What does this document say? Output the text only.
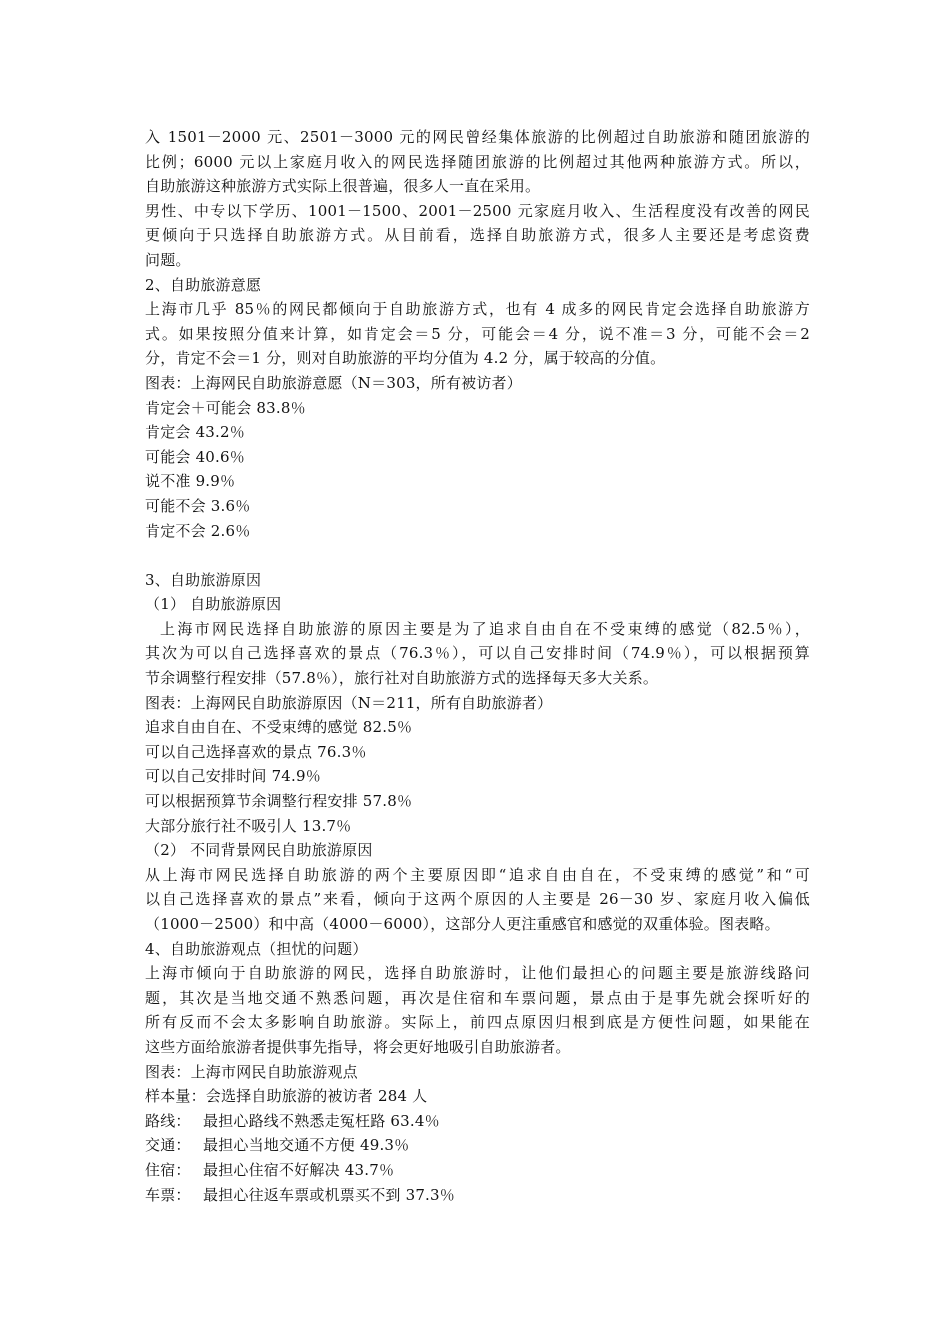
入 1501－2000 元、2501－3000 元的网民曾经集体旅游的比例超过自助旅游和随团旅游的
比例；6000 元以上家庭月收入的网民选择随团旅游的比例超过其他两种旅游方式。所以，
自助旅游这种旅游方式实际上很普遍，很多人一直在采用。
男性、中专以下学历、1001－1500、2001－2500 元家庭月收入、生活程度没有改善的网民
更倾向于只选择自助旅游方式。从目前看，选择自助旅游方式，很多人主要还是考虑资费
问题。
2、自助旅游意愿
上海市几乎 85％的网民都倾向于自助旅游方式，也有 4 成多的网民肯定会选择自助旅游方
式。如果按照分值来计算，如肯定会＝5 分，可能会＝4 分，说不准＝3 分，可能不会＝2
分，肯定不会＝1 分，则对自助旅游的平均分值为 4.2 分，属于较高的分值。
图表：上海网民自助旅游意愿（N＝303，所有被访者）
肯定会＋可能会 83.8％
肯定会 43.2％
可能会 40.6％
说不准 9.9％
可能不会 3.6％
肯定不会 2.6％
3、自助旅游原因
（1） 自助旅游原因
上海市网民选择自助旅游的原因主要是为了追求自由自在不受束缚的感觉（82.5％），
其次为可以自己选择喜欢的景点（76.3％），可以自己安排时间（74.9％），可以根据预算
节余调整行程安排（57.8％），旅行社对自助旅游方式的选择每天多大关系。
图表：上海网民自助旅游原因（N＝211，所有自助旅游者）
追求自由自在、不受束缚的感觉 82.5％
可以自己选择喜欢的景点 76.3％
可以自己安排时间 74.9％
可以根据预算节余调整行程安排 57.8％
大部分旅行社不吸引人 13.7％
（2） 不同背景网民自助旅游原因
从上海市网民选择自助旅游的两个主要原因即“追求自由自在，不受束缚的感觉”和“可
以自己选择喜欢的景点”来看，倾向于这两个原因的人主要是 26－30 岁、家庭月收入偏低
（1000－2500）和中高（4000－6000），这部分人更注重感官和感觉的双重体验。图表略。
4、自助旅游观点（担忧的问题）
上海市倾向于自助旅游的网民，选择自助旅游时，让他们最担心的问题主要是旅游线路问
题，其次是当地交通不熟悉问题，再次是住宿和车票问题，景点由于是事先就会探听好的
所有反而不会太多影响自助旅游。实际上，前四点原因归根到底是方便性问题，如果能在
这些方面给旅游者提供事先指导，将会更好地吸引自助旅游者。
图表：上海市网民自助旅游观点
样本量：会选择自助旅游的被访者 284 人
路线： 最担心路线不熟悉走冤枉路 63.4％
交通： 最担心当地交通不方便 49.3％
住宿： 最担心住宿不好解决 43.7％
车票： 最担心往返车票或机票买不到 37.3％
